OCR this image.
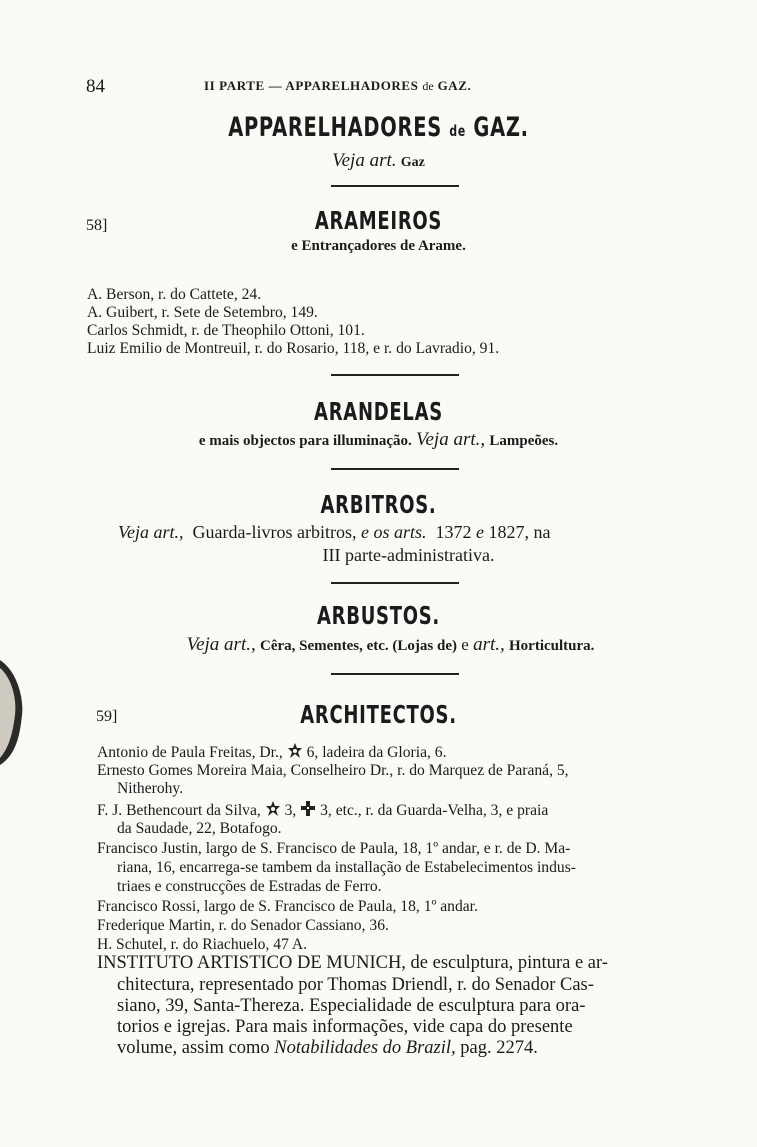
84	II PARTE — APPARELHADORES de GAZ.
APPARELHADORES de GAZ.
Veja art. Gaz
58]	ARAMEIROS
e Entrançadores de Arame.
A. Berson, r. do Cattete, 24.
A. Guibert, r. Sete de Setembro, 149.
Carlos Schmidt, r. de Theophilo Ottoni, 101.
Luiz Emilio de Montreuil, r. do Rosario, 118, e r. do Lavradio, 91.
ARANDELAS
e mais objectos para illuminação. Veja art., Lampeões.
ARBITROS.
Veja art., Guarda-livros arbitros, e os arts. 1372 e 1827, na
III parte-administrativa.
ARBUSTOS.
Veja art., Cêra, Sementes, etc. (Lojas de) e art., Horticultura.
59]	ARCHITECTOS.
Antonio de Paula Freitas, Dr., 6, ladeira da Gloria, 6.
Ernesto Gomes Moreira Maia, Conselheiro Dr., r. do Marquez de Paraná, 5,
Nitherohy.
F. J. Bethencourt da Silva, 3, 3, etc., r. da Guarda-Velha, 3, e praia
da Saudade, 22, Botafogo.
Francisco Justin, largo de S. Francisco de Paula, 18, 1º andar, e r. de D. Ma-
riana, 16, encarrega-se tambem da installação de Estabelecimentos indus-
triaes e construcções de Estradas de Ferro.
Francisco Rossi, largo de S. Francisco de Paula, 18, 1º andar.
Frederique Martin, r. do Senador Cassiano, 36.
H. Schutel, r. do Riachuelo, 47 A.
INSTITUTO ARTISTICO DE MUNICH, de esculptura, pintura e ar-
chitectura, representado por Thomas Driendl, r. do Senador Cas-
siano, 39, Santa-Thereza. Especialidade de esculptura para ora-
torios e igrejas. Para mais informações, vide capa do presente
volume, assim como Notabilidades do Brazil, pag. 2274.
